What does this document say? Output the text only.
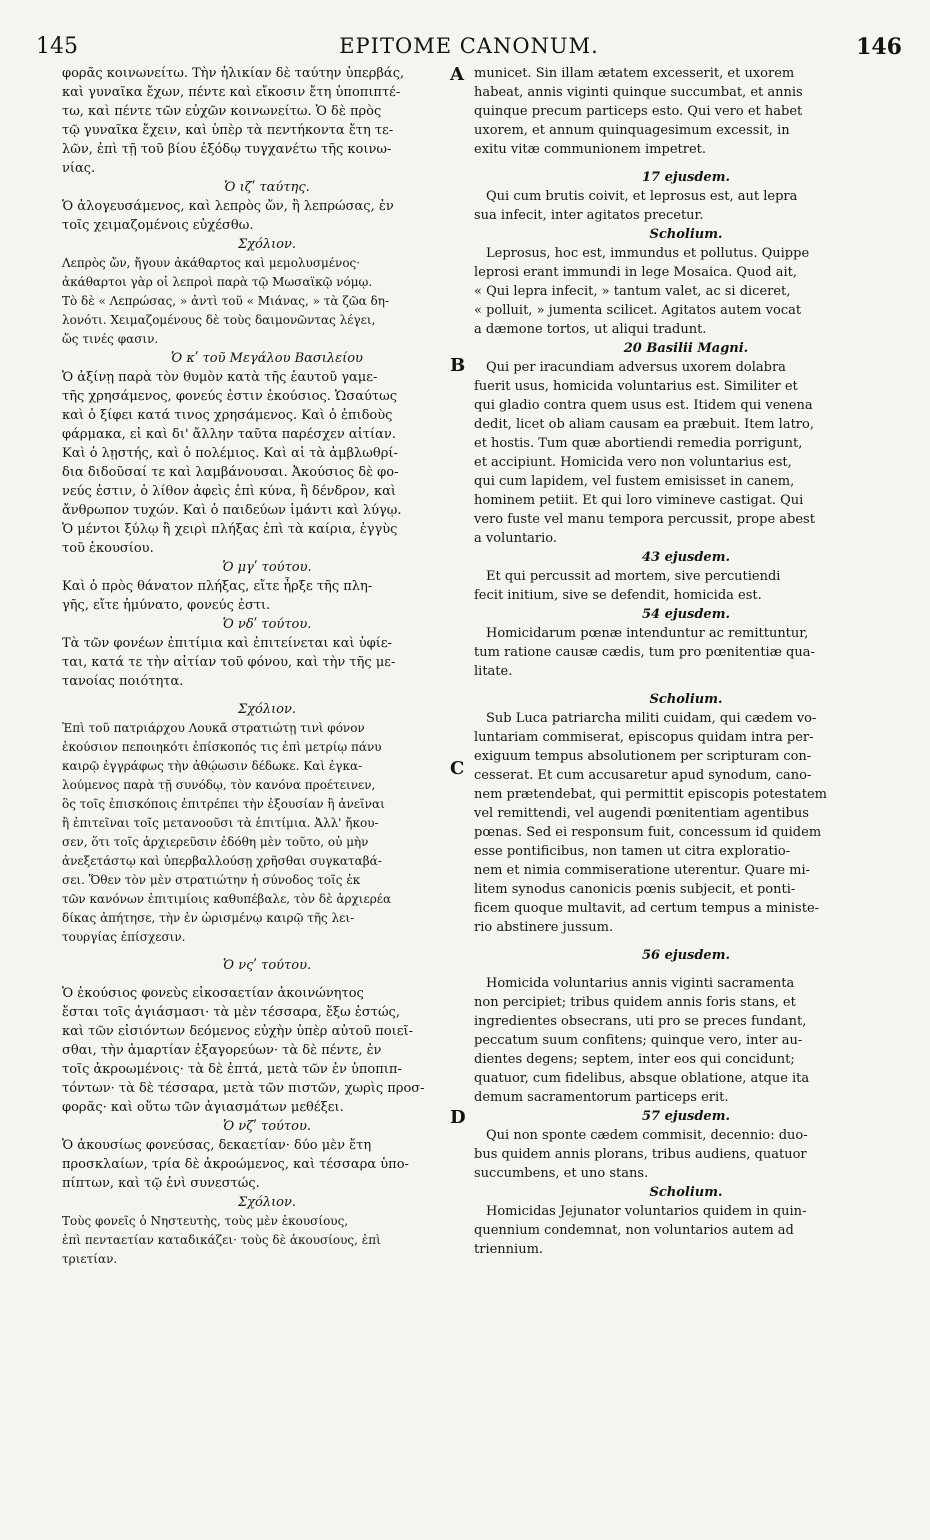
145	EPITOME CANONUM.	146
φορᾶς κοινωνείτω. Τὴν ἡλικίαν δὲ ταύτην ὑπερβάς,
καὶ γυναῖκα ἔχων, πέντε καὶ εἴκοσιν ἔτη ὑποπιπτέ-
τω, καὶ πέντε τῶν εὐχῶν κοινωνείτω. Ὁ δὲ πρὸς
τῷ γυναῖκα ἔχειν, καὶ ὑπὲρ τὰ πεντήκοντα ἔτη τε-
λῶν, ἐπὶ τῇ τοῦ βίου ἐξόδῳ τυγχανέτω τῆς κοινω-
νίας.
Ὁ ιζʹ ταύτης.
Ὁ ἀλογευσάμενος, καὶ λεπρὸς ὤν, ἢ λεπρώσας, ἐν
τοῖς χειμαζομένοις εὐχέσθω.
Σχόλιον.
Λεπρὸς ὤν, ἤγουν ἀκάθαρτος καὶ μεμολυσμένος·
ἀκάθαρτοι γὰρ οἱ λεπροὶ παρὰ τῷ Μωσαϊκῷ νόμῳ.
Τὸ δὲ « Λεπρώσας, » ἀντὶ τοῦ « Μιάνας, » τὰ ζῶα δη-
λονότι. Χειμαζομένους δὲ τοὺς δαιμονῶντας λέγει,
ὥς τινές φασιν.
Ὁ κʹ τοῦ Μεγάλου Βασιλείου
Ὁ ἀξίνῃ παρὰ τὸν θυμὸν κατὰ τῆς ἑαυτοῦ γαμε-
τῆς χρησάμενος, φονεύς ἐστιν ἑκούσιος. Ὡσαύτως
καὶ ὁ ξίφει κατά τινος χρησάμενος. Καὶ ὁ ἐπιδοὺς
φάρμακα, εἰ καὶ δι' ἄλλην ταῦτα παρέσχεν αἰτίαν.
Καὶ ὁ λῃστής, καὶ ὁ πολέμιος. Καὶ αἱ τὰ ἀμβλωθρί-
δια διδοῦσαί τε καὶ λαμβάνουσαι. Ἀκούσιος δὲ φο-
νεύς ἐστιν, ὁ λίθον ἀφεὶς ἐπὶ κύνα, ἢ δένδρον, καὶ
ἄνθρωπον τυχών. Καὶ ὁ παιδεύων ἱμάντι καὶ λύγῳ.
Ὁ μέντοι ξύλῳ ἢ χειρὶ πλήξας ἐπὶ τὰ καίρια, ἐγγὺς
τοῦ ἑκουσίου.
Ὁ μγʹ τούτου.
Καὶ ὁ πρὸς θάνατον πλήξας, εἴτε ἦρξε τῆς πλη-
γῆς, εἴτε ἠμύνατο, φονεύς ἐστι.
Ὁ νδʹ τούτου.
Τὰ τῶν φονέων ἐπιτίμια καὶ ἐπιτείνεται καὶ ὑφίε-
ται, κατά τε τὴν αἰτίαν τοῦ φόνου, καὶ τὴν τῆς με-
τανοίας ποιότητα.
Σχόλιον.
Ἐπὶ τοῦ πατριάρχου Λουκᾶ στρατιώτῃ τινὶ φόνον
ἑκούσιον πεποιηκότι ἐπίσκοπός τις ἐπὶ μετρίῳ πάνυ
καιρῷ ἐγγράφως τὴν ἀθῴωσιν δέδωκε. Καὶ ἐγκα-
λούμενος παρὰ τῇ συνόδῳ, τὸν κανόνα προέτεινεν,
ὃς τοῖς ἐπισκόποις ἐπιτρέπει τὴν ἐξουσίαν ἢ ἀνεῖναι
ἢ ἐπιτεῖναι τοῖς μετανοοῦσι τὰ ἐπιτίμια. Ἀλλ' ἤκου-
σεν, ὅτι τοῖς ἀρχιερεῦσιν ἐδόθη μὲν τοῦτο, οὐ μὴν
ἀνεξετάστῳ καὶ ὑπερβαλλούσῃ χρῆσθαι συγκαταβά-
σει. Ὅθεν τὸν μὲν στρατιώτην ἡ σύνοδος τοῖς ἐκ
τῶν κανόνων ἐπιτιμίοις καθυπέβαλε, τὸν δὲ ἀρχιερέα
δίκας ἀπήτησε, τὴν ἐν ὡρισμένῳ καιρῷ τῆς λει-
τουργίας ἐπίσχεσιν.
Ὁ νςʹ τούτου.
Ὁ ἑκούσιος φονεὺς εἰκοσαετίαν ἀκοινώνητος
ἔσται τοῖς ἁγιάσμασι· τὰ μὲν τέσσαρα, ἔξω ἑστώς,
καὶ τῶν εἰσιόντων δεόμενος εὐχὴν ὑπὲρ αὐτοῦ ποιεῖ-
σθαι, τὴν ἁμαρτίαν ἐξαγορεύων· τὰ δὲ πέντε, ἐν
τοῖς ἀκροωμένοις· τὰ δὲ ἑπτά, μετὰ τῶν ἐν ὑποπιπ-
τόντων· τὰ δὲ τέσσαρα, μετὰ τῶν πιστῶν, χωρὶς προσ-
φορᾶς· καὶ οὕτω τῶν ἁγιασμάτων μεθέξει.
Ὁ νζʹ τούτου.
Ὁ ἀκουσίως φονεύσας, δεκαετίαν· δύο μὲν ἔτη
προσκλαίων, τρία δὲ ἀκροώμενος, καὶ τέσσαρα ὑπο-
πίπτων, καὶ τῷ ἑνὶ συνεστώς.
Σχόλιον.
Τοὺς φονεῖς ὁ Νηστευτὴς, τοὺς μὲν ἑκουσίους,
ἐπὶ πενταετίαν καταδικάζει· τοὺς δὲ ἀκουσίους, ἐπὶ
τριετίαν.
municet. Sin illam ætatem excesserit, et uxorem
habeat, annis viginti quinque succumbat, et annis
quinque precum particeps esto. Qui vero et habet
uxorem, et annum quinquagesimum excessit, in
exitu vitæ communionem impetret.
17 ejusdem.
Qui cum brutis coivit, et leprosus est, aut lepra
sua infecit, inter agitatos precetur.
Scholium.
Leprosus, hoc est, immundus et pollutus. Quippe
leprosi erant immundi in lege Mosaica. Quod ait,
« Qui lepra infecit, » tantum valet, ac si diceret,
« polluit, » jumenta scilicet. Agitatos autem vocat
a dæmone tortos, ut aliqui tradunt.
20 Basilii Magni.
Qui per iracundiam adversus uxorem dolabra
fuerit usus, homicida voluntarius est. Similiter et
qui gladio contra quem usus est. Itidem qui venena
dedit, licet ob aliam causam ea præbuit. Item latro,
et hostis. Tum quæ abortiendi remedia porrigunt,
et accipiunt. Homicida vero non voluntarius est,
qui cum lapidem, vel fustem emisisset in canem,
hominem petiit. Et qui loro vimineve castigat. Qui
vero fuste vel manu tempora percussit, prope abest
a voluntario.
43 ejusdem.
Et qui percussit ad mortem, sive percutiendi
fecit initium, sive se defendit, homicida est.
54 ejusdem.
Homicidarum pœnæ intenduntur ac remittuntur,
tum ratione causæ cædis, tum pro pœnitentiæ qua-
litate.
Scholium.
Sub Luca patriarcha militi cuidam, qui cædem vo-
luntariam commiserat, episcopus quidam intra per-
exiguum tempus absolutionem per scripturam con-
cesserat. Et cum accusaretur apud synodum, cano-
nem prætendebat, qui permittit episcopis potestatem
vel remittendi, vel augendi pœnitentiam agentibus
pœnas. Sed ei responsum fuit, concessum id quidem
esse pontificibus, non tamen ut citra exploratio-
nem et nimia commiseratione uterentur. Quare mi-
litem synodus canonicis pœnis subjecit, et ponti-
ficem quoque multavit, ad certum tempus a ministe-
rio abstinere jussum.
56 ejusdem.
Homicida voluntarius annis viginti sacramenta
non percipiet; tribus quidem annis foris stans, et
ingredientes obsecrans, uti pro se preces fundant,
peccatum suum confitens; quinque vero, inter au-
dientes degens; septem, inter eos qui concidunt;
quatuor, cum fidelibus, absque oblatione, atque ita
demum sacramentorum particeps erit.
57 ejusdem.
Qui non sponte cædem commisit, decennio: duo-
bus quidem annis plorans, tribus audiens, quatuor
succumbens, et uno stans.
Scholium.
Homicidas Jejunator voluntarios quidem in quin-
quennium condemnat, non voluntarios autem ad
triennium.
A
B
C
D
